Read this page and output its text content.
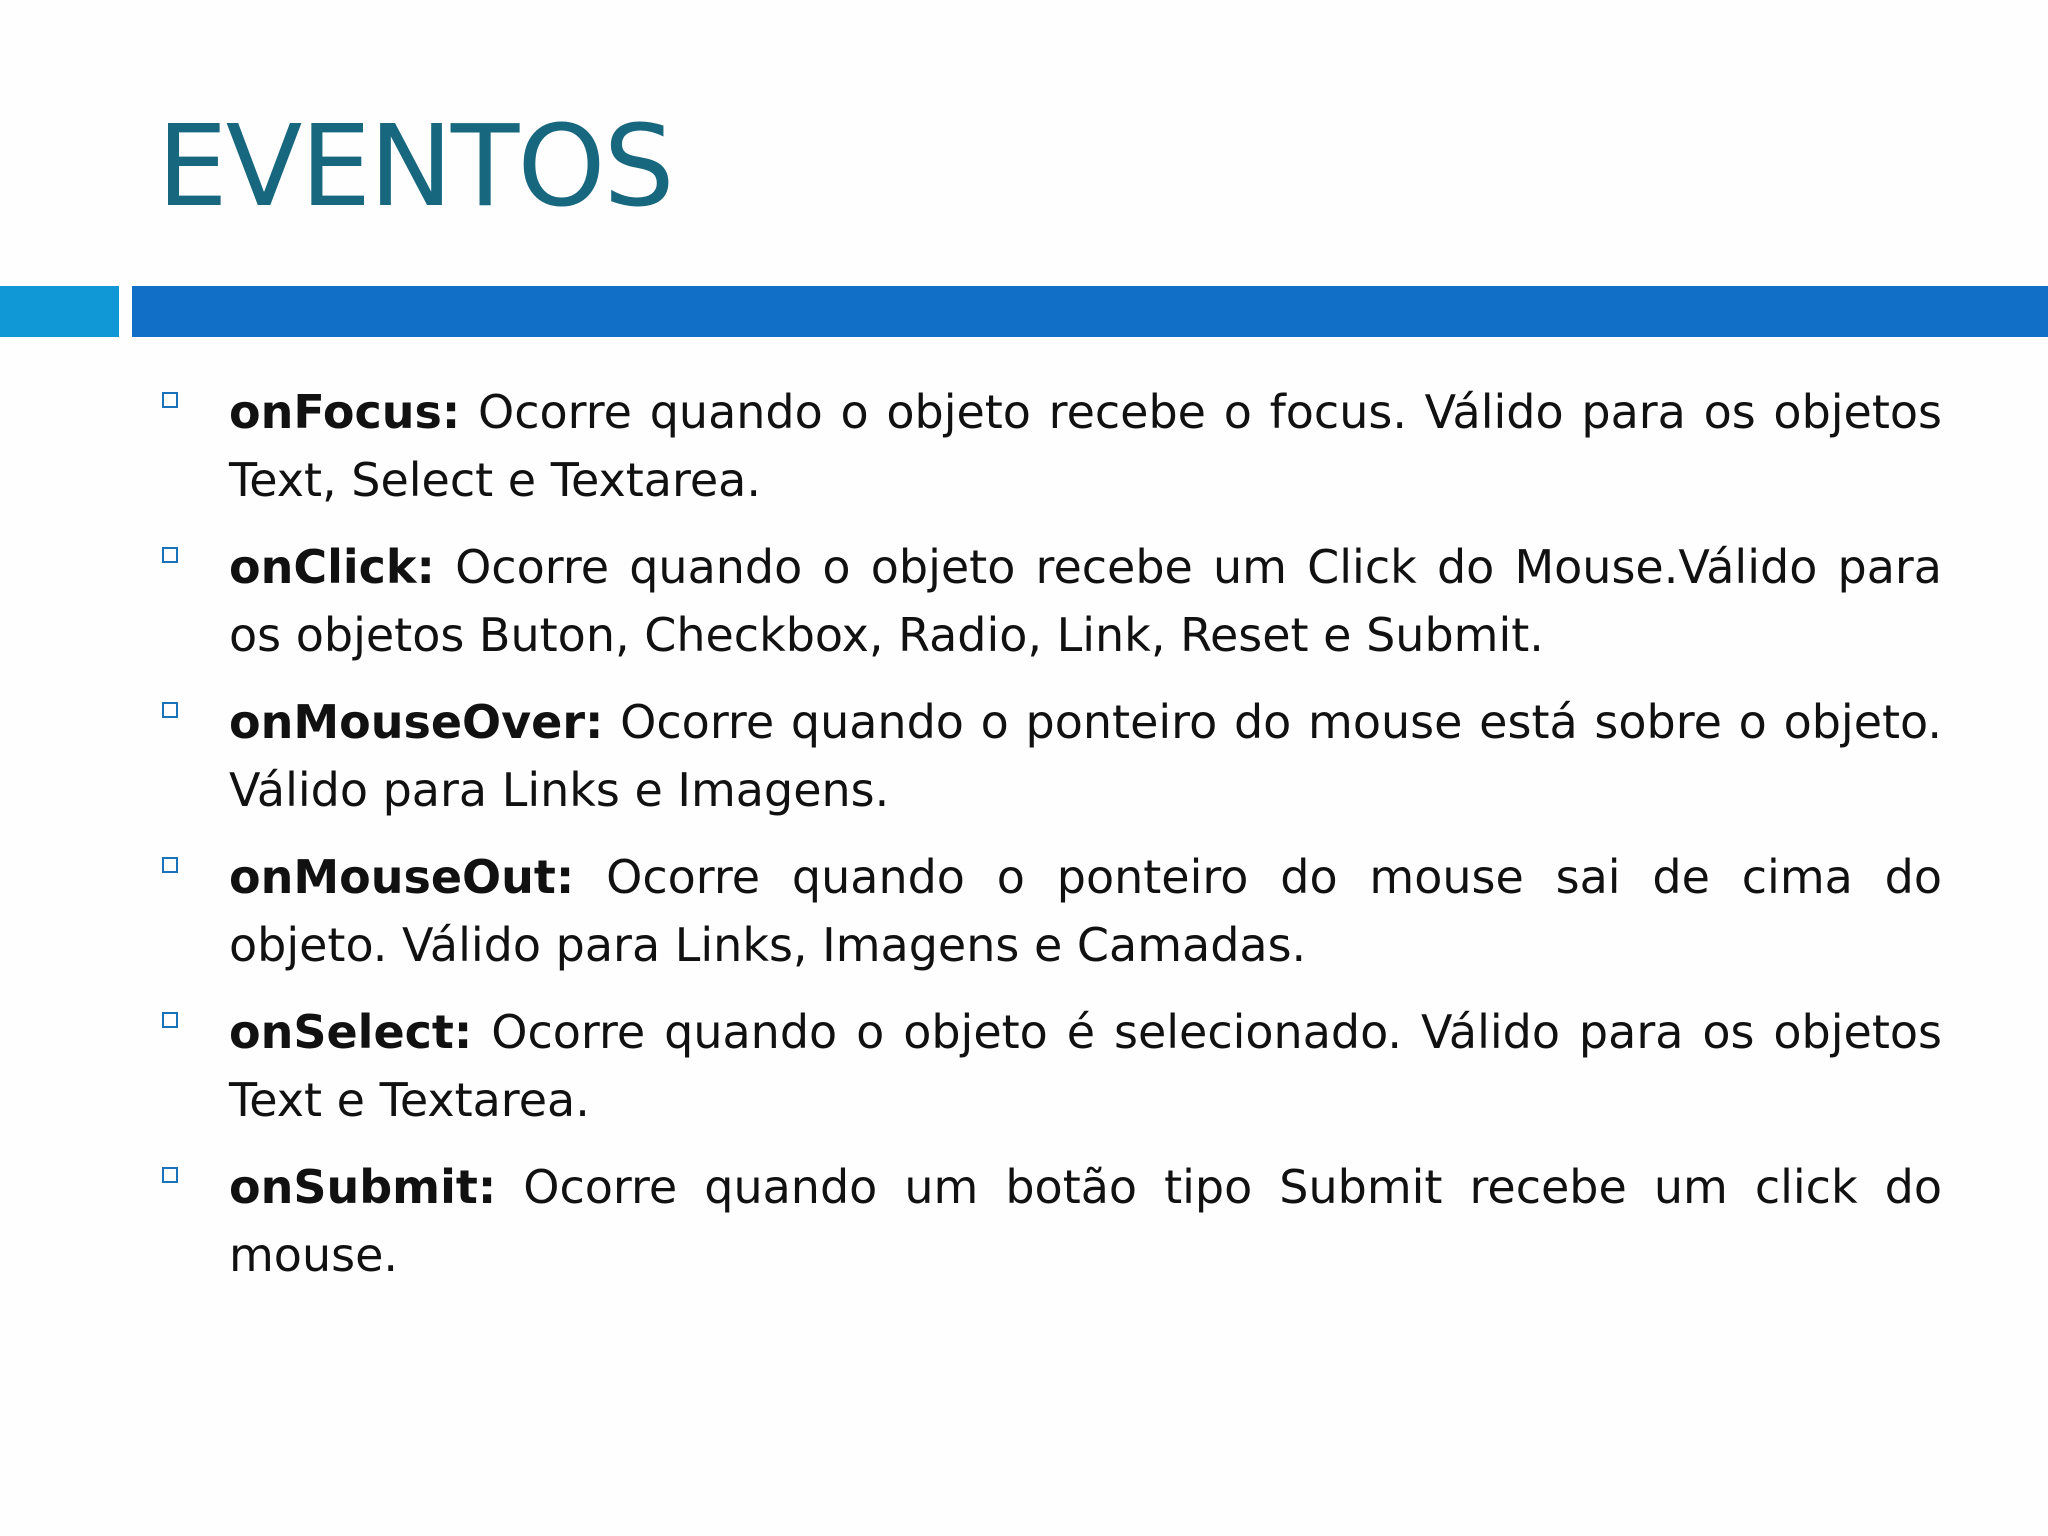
EVENTOS

onFocus: Ocorre quando o objeto recebe o focus. Válido para os objetos Text, Select e Textarea.

onClick: Ocorre quando o objeto recebe um Click do Mouse.Válido para os objetos Buton, Checkbox, Radio, Link, Reset e Submit.

onMouseOver: Ocorre quando o ponteiro do mouse está sobre o objeto. Válido para Links e Imagens.

onMouseOut: Ocorre quando o ponteiro do mouse sai de cima do objeto. Válido para Links, Imagens e Camadas.

onSelect: Ocorre quando o objeto é selecionado. Válido para os objetos Text e Textarea.

onSubmit: Ocorre quando um botão tipo Submit recebe um click do mouse.
